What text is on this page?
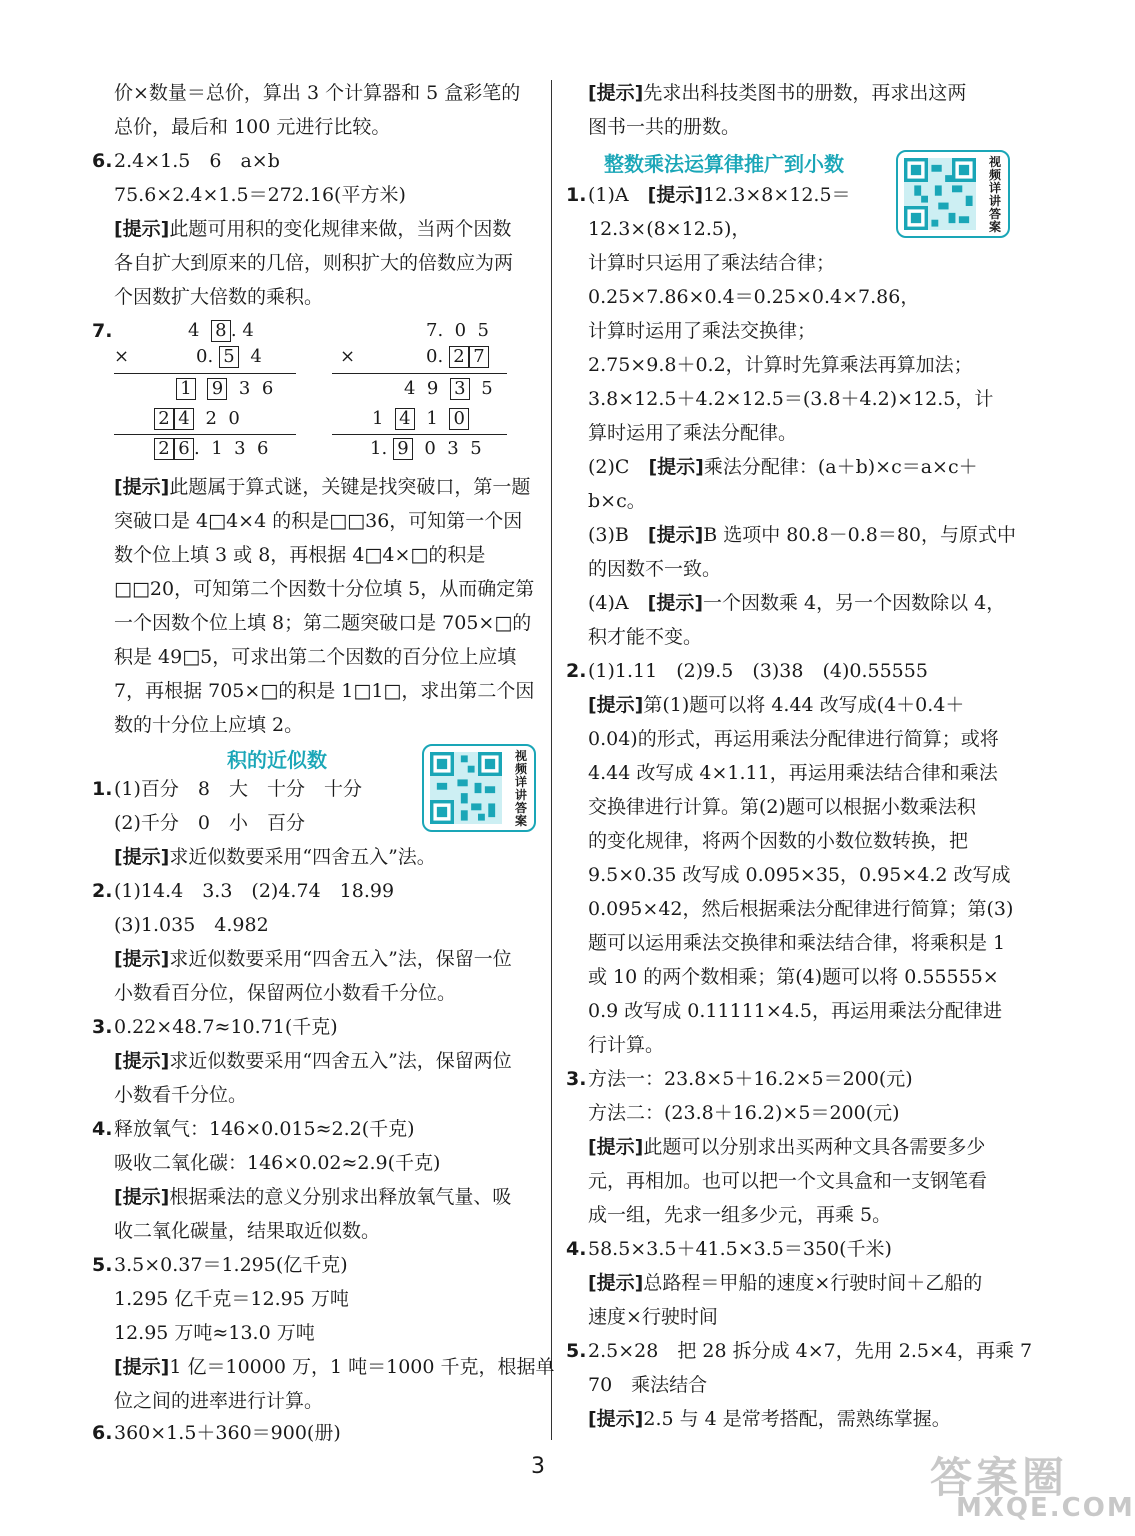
价×数量＝总价，算出 3 个计算器和 5 盒彩笔的
总价，最后和 100 元进行比较。
6. 2.4×1.5　6　a×b
75.6×2.4×1.5＝272.16(平方米)
[提示]此题可用积的变化规律来做，当两个因数
各自扩大到原来的几倍，则积扩大的倍数应为两
个因数扩大倍数的乘积。
7.	4 8 . 4
×	0. 5 4
1 9 3 6
2 4 2 0
2 6 . 1 3 6
7. 0 5
×	0. 2 7
4 9 3 5
1 4 1 0
1. 9 0 3 5
[提示]此题属于算式谜，关键是找突破口，第一题
突破口是 4□4×4 的积是□□36，可知第一个因
数个位上填 3 或 8，再根据 4□4×□的积是
□□20，可知第二个因数十分位填 5，从而确定第
一个因数个位上填 8；第二题突破口是 705×□的
积是 49□5，可求出第二个因数的百分位上应填
7，再根据 705×□的积是 1□1□，求出第二个因
数的十分位上应填 2。
积的近似数	视频详讲答案
1. (1)百分　8　大　十分　十分
(2)千分　0　小　百分
[提示]求近似数要采用“四舍五入”法。
2. (1)14.4　3.3　(2)4.74　18.99
(3)1.035　4.982
[提示]求近似数要采用“四舍五入”法，保留一位
小数看百分位，保留两位小数看千分位。
3. 0.22×48.7≈10.71(千克)
[提示]求近似数要采用“四舍五入”法，保留两位
小数看千分位。
4. 释放氧气：146×0.015≈2.2(千克)
吸收二氧化碳：146×0.02≈2.9(千克)
[提示]根据乘法的意义分别求出释放氧气量、吸
收二氧化碳量，结果取近似数。
5. 3.5×0.37＝1.295(亿千克)
1.295 亿千克＝12.95 万吨
12.95 万吨≈13.0 万吨
[提示]1 亿＝10000 万，1 吨＝1000 千克，根据单
位之间的进率进行计算。
6. 360×1.5＋360＝900(册)
[提示]先求出科技类图书的册数，再求出这两
图书一共的册数。
整数乘法运算律推广到小数	视频详讲答案
1. (1)A　[提示]12.3×8×12.5＝
12.3×(8×12.5)，
计算时只运用了乘法结合律；
0.25×7.86×0.4＝0.25×0.4×7.86，
计算时运用了乘法交换律；
2.75×9.8＋0.2，计算时先算乘法再算加法；
3.8×12.5＋4.2×12.5＝(3.8＋4.2)×12.5，计
算时运用了乘法分配律。
(2)C　[提示]乘法分配律：(a＋b)×c＝a×c＋
b×c。
(3)B　[提示]B 选项中 80.8－0.8＝80，与原式中
的因数不一致。
(4)A　[提示]一个因数乘 4，另一个因数除以 4，
积才能不变。
2. (1)1.11　(2)9.5　(3)38　(4)0.55555
[提示]第(1)题可以将 4.44 改写成(4＋0.4＋
0.04)的形式，再运用乘法分配律进行简算；或将
4.44 改写成 4×1.11，再运用乘法结合律和乘法
交换律进行计算。第(2)题可以根据小数乘法积
的变化规律，将两个因数的小数位数转换，把
9.5×0.35 改写成 0.095×35，0.95×4.2 改写成
0.095×42，然后根据乘法分配律进行简算；第(3)
题可以运用乘法交换律和乘法结合律，将乘积是 1
或 10 的两个数相乘；第(4)题可以将 0.55555×
0.9 改写成 0.11111×4.5，再运用乘法分配律进
行计算。
3. 方法一：23.8×5＋16.2×5＝200(元)
方法二：(23.8＋16.2)×5＝200(元)
[提示]此题可以分别求出买两种文具各需要多少
元，再相加。也可以把一个文具盒和一支钢笔看
成一组，先求一组多少元，再乘 5。
4. 58.5×3.5＋41.5×3.5＝350(千米)
[提示]总路程＝甲船的速度×行驶时间＋乙船的
速度×行驶时间
5. 2.5×28　把 28 拆分成 4×7，先用 2.5×4，再乘 7
70　乘法结合
[提示]2.5 与 4 是常考搭配，需熟练掌握。
3	答案圈
MXQE.COM
